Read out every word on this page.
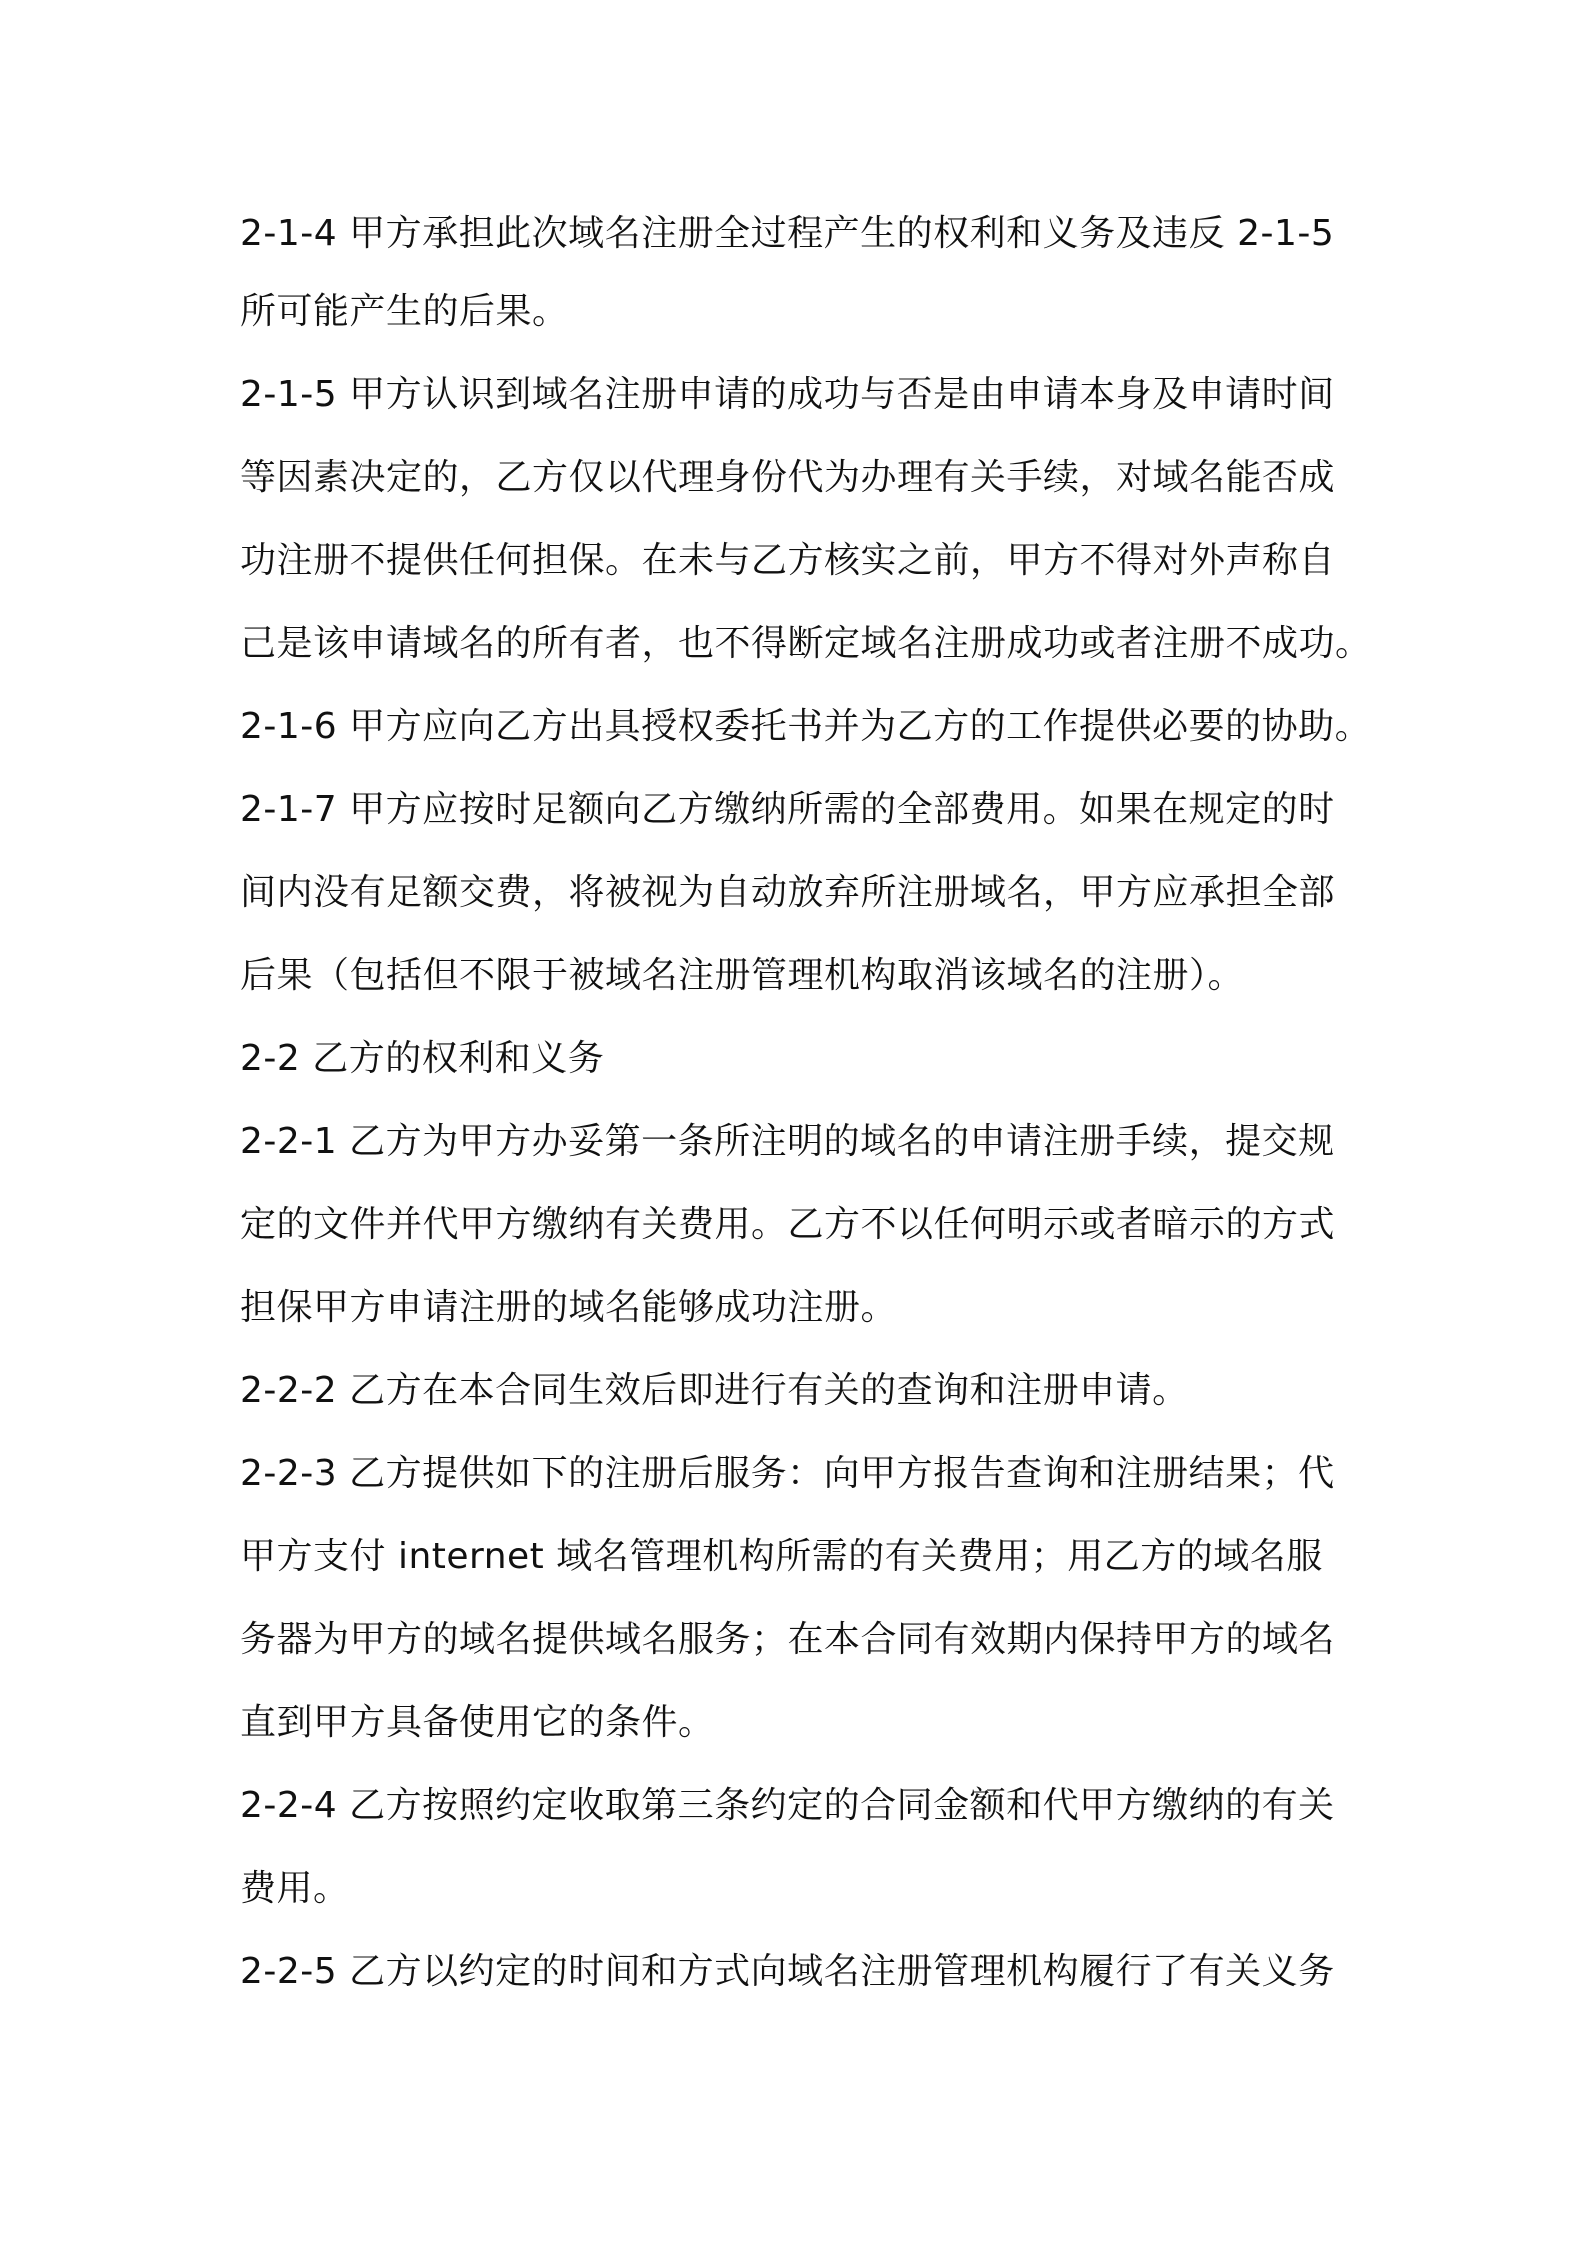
2-1-4 甲方承担此次域名注册全过程产生的权利和义务及违反 2-1-5
所可能产生的后果。
2-1-5 甲方认识到域名注册申请的成功与否是由申请本身及申请时间
等因素决定的，乙方仅以代理身份代为办理有关手续，对域名能否成
功注册不提供任何担保。在未与乙方核实之前，甲方不得对外声称自
己是该申请域名的所有者，也不得断定域名注册成功或者注册不成功。
2-1-6 甲方应向乙方出具授权委托书并为乙方的工作提供必要的协助。
2-1-7 甲方应按时足额向乙方缴纳所需的全部费用。如果在规定的时
间内没有足额交费，将被视为自动放弃所注册域名，甲方应承担全部
后果（包括但不限于被域名注册管理机构取消该域名的注册）。
2-2 乙方的权利和义务
2-2-1 乙方为甲方办妥第一条所注明的域名的申请注册手续，提交规
定的文件并代甲方缴纳有关费用。乙方不以任何明示或者暗示的方式
担保甲方申请注册的域名能够成功注册。
2-2-2 乙方在本合同生效后即进行有关的查询和注册申请。
2-2-3 乙方提供如下的注册后服务：向甲方报告查询和注册结果；代
甲方支付 internet 域名管理机构所需的有关费用；用乙方的域名服
务器为甲方的域名提供域名服务；在本合同有效期内保持甲方的域名
直到甲方具备使用它的条件。
2-2-4 乙方按照约定收取第三条约定的合同金额和代甲方缴纳的有关
费用。
2-2-5 乙方以约定的时间和方式向域名注册管理机构履行了有关义务
